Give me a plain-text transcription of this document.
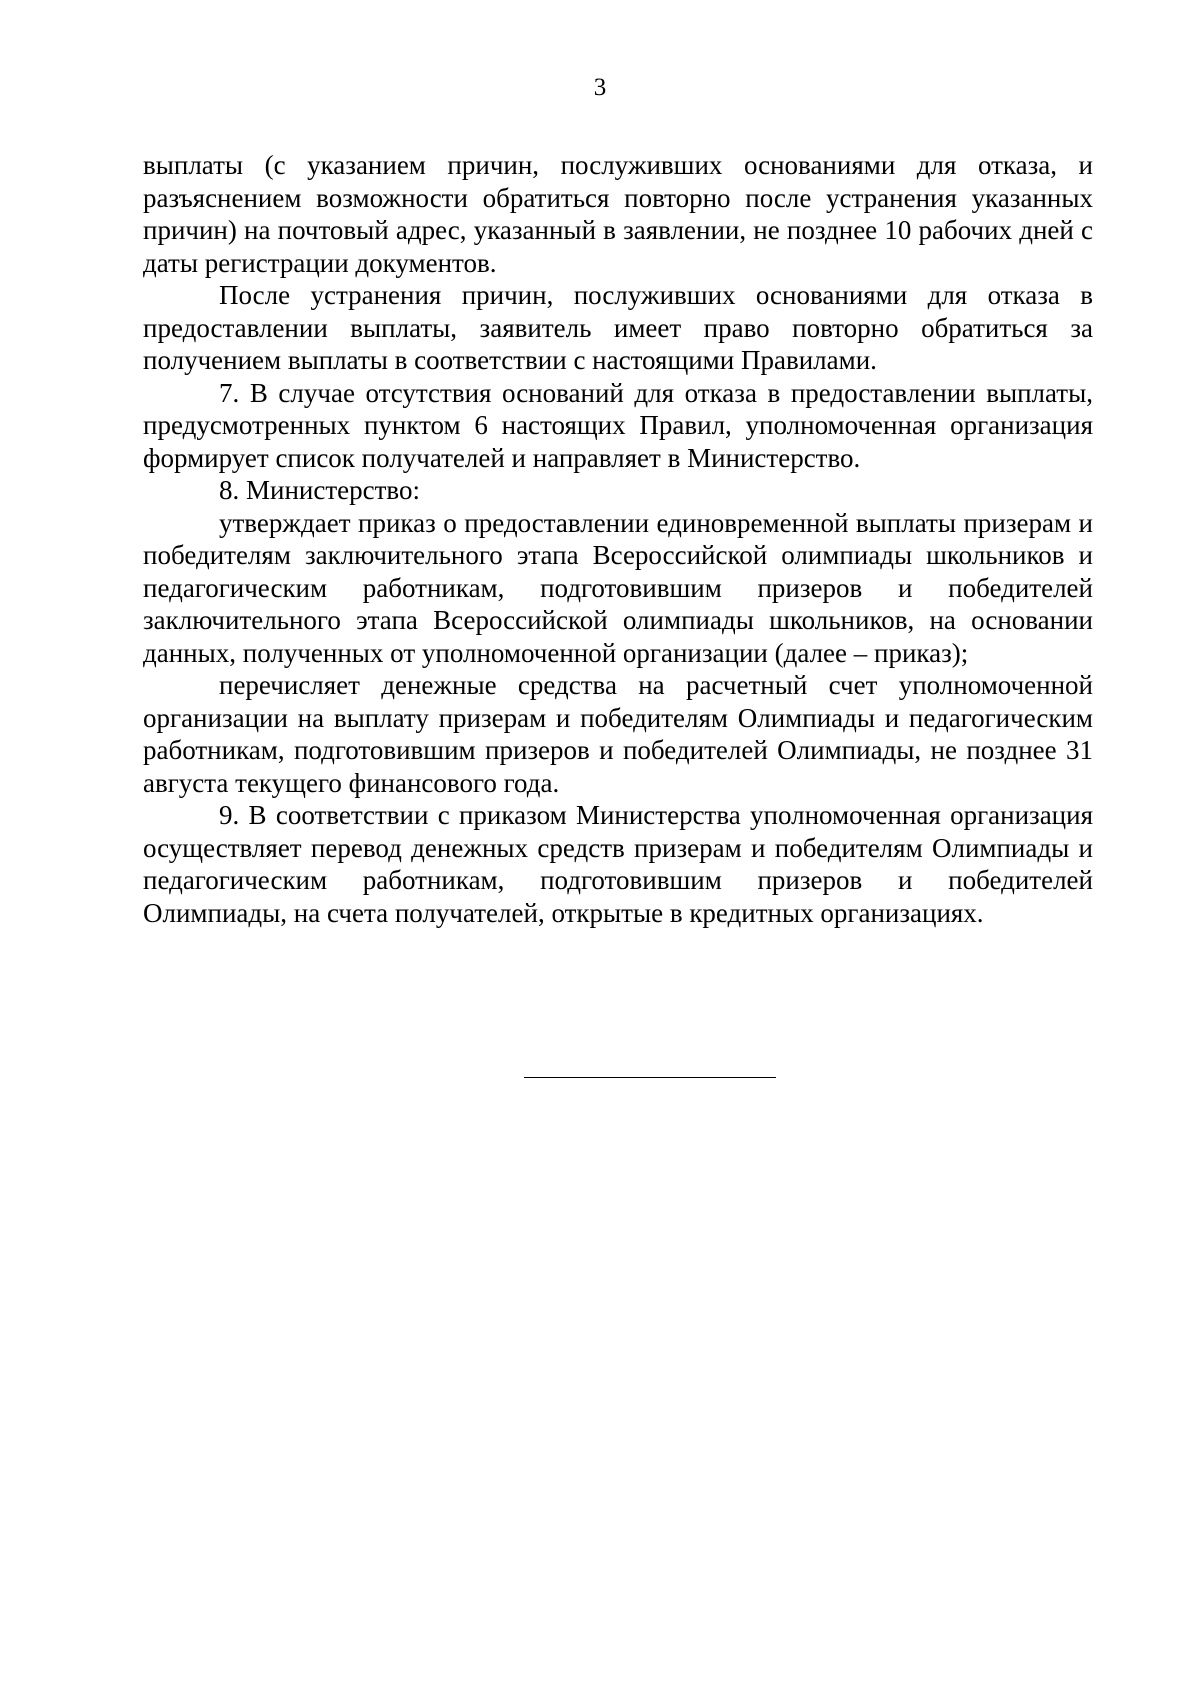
3

выплаты (с указанием причин, послуживших основаниями для отказа, и разъяснением возможности обратиться повторно после устранения указанных причин) на почтовый адрес, указанный в заявлении, не позднее 10 рабочих дней с даты регистрации документов.

После устранения причин, послуживших основаниями для отказа в предоставлении выплаты, заявитель имеет право повторно обратиться за получением выплаты в соответствии с настоящими Правилами.

7. В случае отсутствия оснований для отказа в предоставлении выплаты, предусмотренных пунктом 6 настоящих Правил, уполномоченная организация формирует список получателей и направляет в Министерство.

8. Министерство:

утверждает приказ о предоставлении единовременной выплаты призерам и победителям заключительного этапа Всероссийской олимпиады школьников и педагогическим работникам, подготовившим призеров и победителей заключительного этапа Всероссийской олимпиады школьников, на основании данных, полученных от уполномоченной организации (далее – приказ);

перечисляет денежные средства на расчетный счет уполномоченной организации на выплату призерам и победителям Олимпиады и педагогическим работникам, подготовившим призеров и победителей Олимпиады, не позднее 31 августа текущего финансового года.

9. В соответствии с приказом Министерства уполномоченная организация осуществляет перевод денежных средств призерам и победителям Олимпиады и педагогическим работникам, подготовившим призеров и победителей Олимпиады, на счета получателей, открытые в кредитных организациях.
